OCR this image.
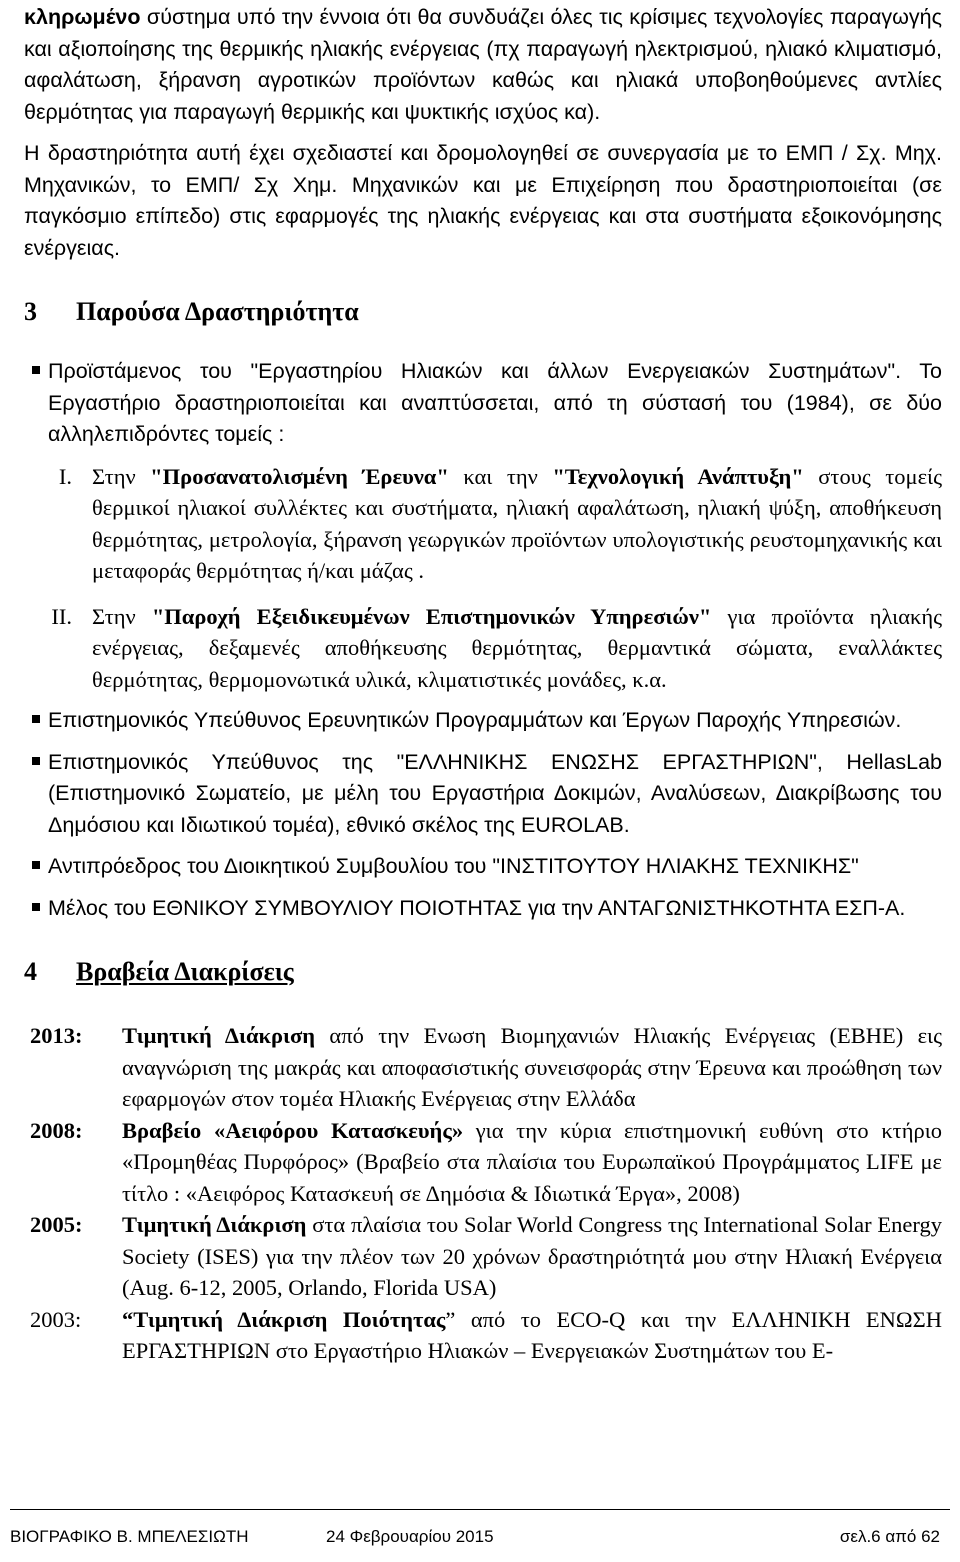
κληρωμένο σύστημα υπό την έννοια ότι θα συνδυάζει όλες τις κρίσιμες τεχνολογίες παραγωγής και αξιοποίησης της θερμικής ηλιακής ενέργειας (πχ παραγωγή ηλεκτρισμού, ηλιακό κλιματισμό, αφαλάτωση, ξήρανση αγροτικών προϊόντων καθώς και ηλιακά υποβοηθούμενες αντλίες θερμότητας για παραγωγή θερμικής και ψυκτικής ισχύος κα).

Η δραστηριότητα αυτή έχει σχεδιαστεί και δρομολογηθεί σε συνεργασία με το ΕΜΠ / Σχ. Μηχ. Μηχανικών, το ΕΜΠ/ Σχ Χημ. Μηχανικών και με Επιχείρηση που δραστηριοποιείται (σε παγκόσμιο επίπεδο) στις εφαρμογές της ηλιακής ενέργειας και στα συστήματα εξοικονόμησης ενέργειας.

3	Παρούσα Δραστηριότητα
Προϊστάμενος του "Εργαστηρίου Ηλιακών και άλλων Ενεργειακών Συστημάτων". Το Εργαστήριο δραστηριοποιείται και αναπτύσσεται, από τη σύστασή του (1984), σε δύο αλληλεπιδρόντες τομείς :
I. Στην "Προσανατολισμένη Έρευνα" και την "Τεχνολογική Ανάπτυξη" στους τομείς θερμικοί ηλιακοί συλλέκτες και συστήματα, ηλιακή αφαλάτωση, ηλιακή ψύξη, αποθήκευση θερμότητας, μετρολογία, ξήρανση γεωργικών προϊόντων υπολογιστικής ρευστομηχανικής και μεταφοράς θερμότητας ή/και μάζας .
II. Στην "Παροχή Εξειδικευμένων Επιστημονικών Υπηρεσιών" για προϊόντα ηλιακής ενέργειας, δεξαμενές αποθήκευσης θερμότητας, θερμαντικά σώματα, εναλλάκτες θερμότητας, θερμομονωτικά υλικά, κλιματιστικές μονάδες, κ.α.
Επιστημονικός Υπεύθυνος Ερευνητικών Προγραμμάτων και Έργων Παροχής Υπηρεσιών.
Επιστημονικός Υπεύθυνος της "ΕΛΛΗΝΙΚΗΣ ΕΝΩΣΗΣ ΕΡΓΑΣΤΗΡΙΩΝ", HellasLab (Επιστημονικό Σωματείο, με μέλη του Εργαστήρια Δοκιμών, Αναλύσεων, Διακρίβωσης του Δημόσιου και Ιδιωτικού τομέα), εθνικό σκέλος της EUROLAB.
Αντιπρόεδρος του Διοικητικού Συμβουλίου του "ΙΝΣΤΙΤΟΥΤΟΥ ΗΛΙΑΚΗΣ ΤΕΧΝΙΚΗΣ"
Μέλος του ΕΘΝΙΚΟΥ ΣΥΜΒΟΥΛΙΟΥ ΠΟΙΟΤΗΤΑΣ για την ΑΝΤΑΓΩΝΙΣΤΗΚΟΤΗΤΑ ΕΣΠ-Α.
4	Βραβεία Διακρίσεις
2013:	Τιμητική Διάκριση από την Ενωση Βιομηχανιών Ηλιακής Ενέργειας (ΕΒΗΕ) εις αναγνώριση της μακράς και αποφασιστικής συνεισφοράς στην Έρευνα και προώθηση των εφαρμογών στον τομέα Ηλιακής Ενέργειας στην Ελλάδα
2008:	Βραβείο «Αειφόρου Κατασκευής» για την κύρια επιστημονική ευθύνη στο κτήριο «Προμηθέας Πυρφόρος» (Βραβείο στα πλαίσια του Ευρωπαϊκού Προγράμματος LIFE με τίτλο : «Αειφόρος Κατασκευή σε Δημόσια & Ιδιωτικά Έργα», 2008)
2005:	Τιμητική Διάκριση στα πλαίσια του Solar World Congress της International Solar Energy Society (ISES) για την πλέον των 20 χρόνων δραστηριότητά μου στην Ηλιακή Ενέργεια (Aug. 6-12, 2005, Orlando, Florida USA)
2003:	“Τιμητική Διάκριση Ποιότητας” από το ECO-Q και την ΕΛΛΗΝΙΚΗ ΕΝΩΣΗ ΕΡΓΑΣΤΗΡΙΩΝ στο Εργαστήριο Ηλιακών – Ενεργειακών Συστημάτων του Ε-
ΒΙΟΓΡΑΦΙΚΟ Β. ΜΠΕΛΕΣΙΩΤΗ	24 Φεβρουαρίου 2015	σελ.6 από 62
